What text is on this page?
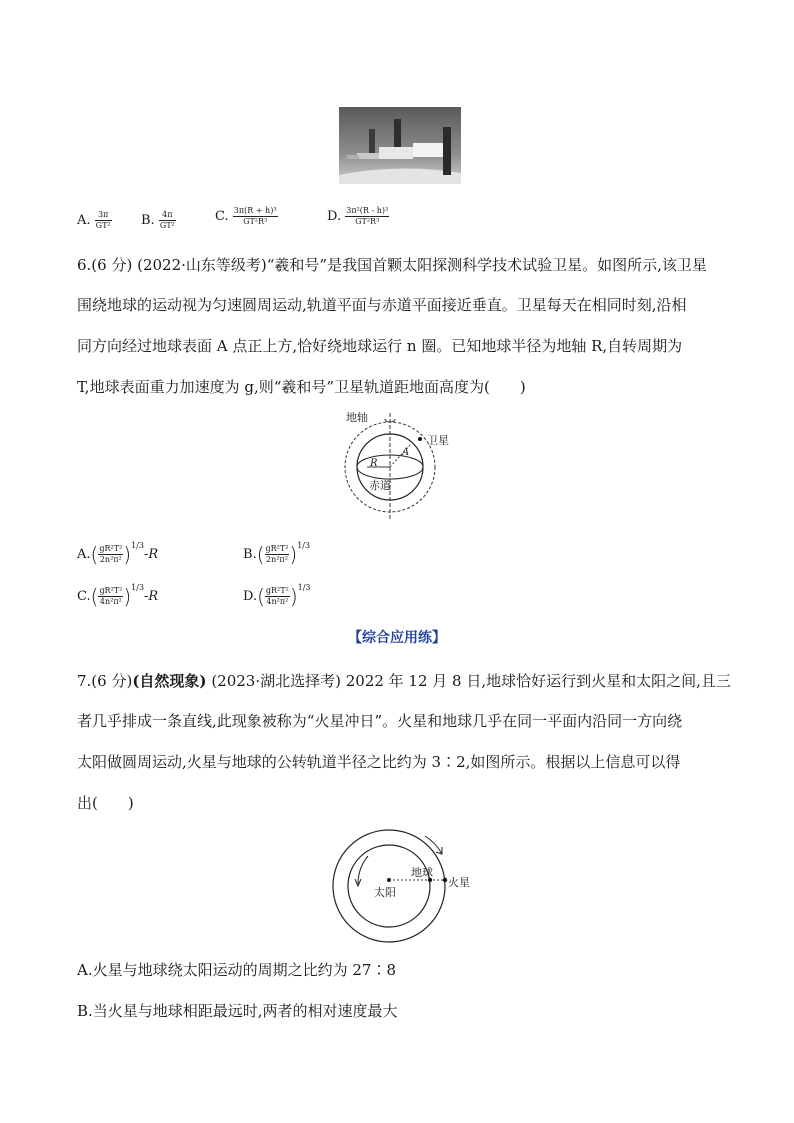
A. $\frac{3\pi}{\text{GT²}} B$. $\frac{4\pi}{\text{GT²}}$	C. $\frac{\text{3π(R + h)³}}{\text{GT²R³}}$	D. $\frac{\text{3π²(R - h)³}}{\text{GT²R³}}$
6.(6 分) (2022·山东等级考)“羲和号”是我国首颗太阳探测科学技术试验卫星。如图所示,该卫星
围绕地球的运动视为匀速圆周运动,轨道平面与赤道平面接近垂直。卫星每天在相同时刻,沿相
同方向经过地球表面 A 点正上方,恰好绕地球运行 n 圈。已知地球半径为地轴 R,自转周期为
T,地球表面重力加速度为 g,则“羲和号”卫星轨道距地面高度为(　　)
地轴
卫星
A
R
赤道
$A.( \frac{\text{gR²T²}}{\text{2n²π²}} )^{1/3}-R$	$B.( \frac{\text{gR²T²}}{\text{2n²π²}} )^{1/3}$
$C.( \frac{\text{gR²T²}}{\text{4n²π²}} )^{1/3}-R$	$D.( \frac{\text{gR²T²}}{\text{4n²π²}} )^{1/3}$
【综合应用练】
7.(6 分)(自然现象) (2023·湖北选择考) 2022 年 12 月 8 日,地球恰好运行到火星和太阳之间,且三
者几乎排成一条直线,此现象被称为“火星冲日”。火星和地球几乎在同一平面内沿同一方向绕
太阳做圆周运动,火星与地球的公转轨道半径之比约为 3∶2,如图所示。根据以上信息可以得
出(　　)
太阳
地球
火星
A.火星与地球绕太阳运动的周期之比约为 27∶8
B.当火星与地球相距最远时,两者的相对速度最大
